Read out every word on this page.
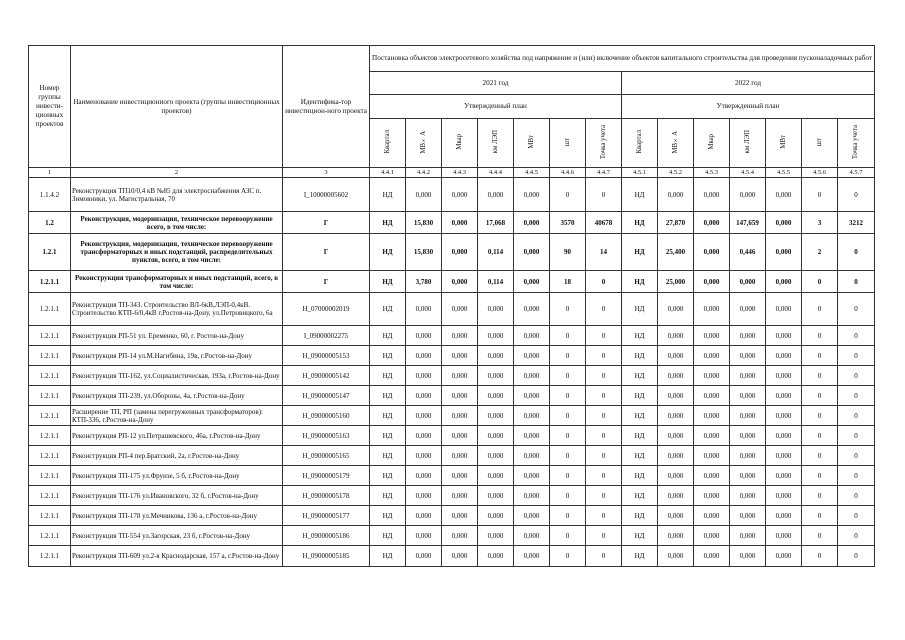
Номер группы инвести-ционных проектов	Наименование инвестиционного проекта (группы инвестиционных проектов)	Идентифика-тор инвестицион-ного проекта	Постановка объектов электросетевого хозяйства под напряжение и (или) включение объектов капитального строительства для проведения пусконаладочных работ													
			2021 год							2022 год						
			Утвержденный план							Утвержденный план						
			Квартал	МВ×А	Мвар	км ЛЭП	МВт	шт	Точка учета	Квартал	МВ×А	Мвар	км ЛЭП	МВт	шт	Точка учета
1	2	3	4.4.1	4.4.2	4.4.3	4.4.4	4.4.5	4.4.6	4.4.7	4.5.1	4.5.2	4.5.3	4.5.4	4.5.5	4.5.6	4.5.7
1.1.4.2	Реконструкция ТП10/0,4 кВ №85 для электроснабжения АЗС п. Зимовники, ул. Магистральная, 70	I_10000005602	НД	0,000	0,000	0,000	0,000	0	0	НД	0,000	0,000	0,000	0,000	0	0
1.2	Реконструкция, модернизация, техническое перевооружение всего, в том числе:	Г	НД	15,830	0,000	17,068	0,000	3570	40678	НД	27,870	0,000	147,659	0,000	3	3212
1.2.1	Реконструкция, модернизация, техническое перевооружение трансформаторных и иных подстанций, распределительных пунктов, всего, в том числе:	Г	НД	15,830	0,000	0,114	0,000	90	14	НД	25,400	0,000	0,446	0,000	2	0
1.2.1.1	Реконструкция трансформаторных и иных подстанций, всего, в том числе:	Г	НД	3,780	0,000	0,114	0,000	18	0	НД	25,000	0,000	0,000	0,000	0	0
1.2.1.1	Реконструкция ТП-343. Строительство ВЛ-6кВ,ЛЭП-0,4кВ. Строительство КТП-6/0,4кВ г.Ростов-на-Дону, ул.Петровицкого, 6а	H_07000002019	НД	0,000	0,000	0,000	0,000	0	0	НД	0,000	0,000	0,000	0,000	0	0
1.2.1.1	Реконструкция РП-51 ул. Еременко, 60, г. Ростов-на-Дону	I_09000002275	НД	0,000	0,000	0,000	0,000	0	0	НД	0,000	0,000	0,000	0,000	0	0
1.2.1.1	Реконструкция РП-14 ул.М.Нагибина, 19в, г.Ростов-на-Дону	H_09000005153	НД	0,000	0,000	0,000	0,000	0	0	НД	0,000	0,000	0,000	0,000	0	0
1.2.1.1	Реконструкция ТП-162, ул.Социалистическая, 193а, г.Ростов-на-Дону	H_09000005142	НД	0,000	0,000	0,000	0,000	0	0	НД	0,000	0,000	0,000	0,000	0	0
1.2.1.1	Реконструкция ТП-239, ул.Обороны, 4а, г.Ростов-на-Дону	H_09000005147	НД	0,000	0,000	0,000	0,000	0	0	НД	0,000	0,000	0,000	0,000	0	0
1.2.1.1	Расширение ТП, РП (замена перегруженных трансформаторов): КТП-336, г.Ростов-на-Дону	H_09000005160	НД	0,000	0,000	0,000	0,000	0	0	НД	0,000	0,000	0,000	0,000	0	0
1.2.1.1	Реконструкция РП-12 ул.Петрашевского, 46а, г.Ростов-на-Дону	H_09000005163	НД	0,000	0,000	0,000	0,000	0	0	НД	0,000	0,000	0,000	0,000	0	0
1.2.1.1	Реконструкция РП-4 пер.Братский, 2а, г.Ростов-на-Дону	H_09000005165	НД	0,000	0,000	0,000	0,000	0	0	НД	0,000	0,000	0,000	0,000	0	0
1.2.1.1	Реконструкция ТП-175 ул.Фрунзе, 5 б, г.Ростов-на-Дону	H_09000005179	НД	0,000	0,000	0,000	0,000	0	0	НД	0,000	0,000	0,000	0,000	0	0
1.2.1.1	Реконструкция ТП-176 ул.Ивановского, 32 б, г.Ростов-на-Дону	H_09000005178	НД	0,000	0,000	0,000	0,000	0	0	НД	0,000	0,000	0,000	0,000	0	0
1.2.1.1	Реконструкция ТП-178 ул.Мечникова, 136 а, г.Ростов-на-Дону	H_09000005177	НД	0,000	0,000	0,000	0,000	0	0	НД	0,000	0,000	0,000	0,000	0	0
1.2.1.1	Реконструкция ТП-554 ул.Загорская, 23 б, г.Ростов-на-Дону	H_09000005186	НД	0,000	0,000	0,000	0,000	0	0	НД	0,000	0,000	0,000	0,000	0	0
1.2.1.1	Реконструкция ТП-609 ул.2-я Краснодарская, 157 а, г.Ростов-на-Дону	H_09000005185	НД	0,000	0,000	0,000	0,000	0	0	НД	0,000	0,000	0,000	0,000	0	0
